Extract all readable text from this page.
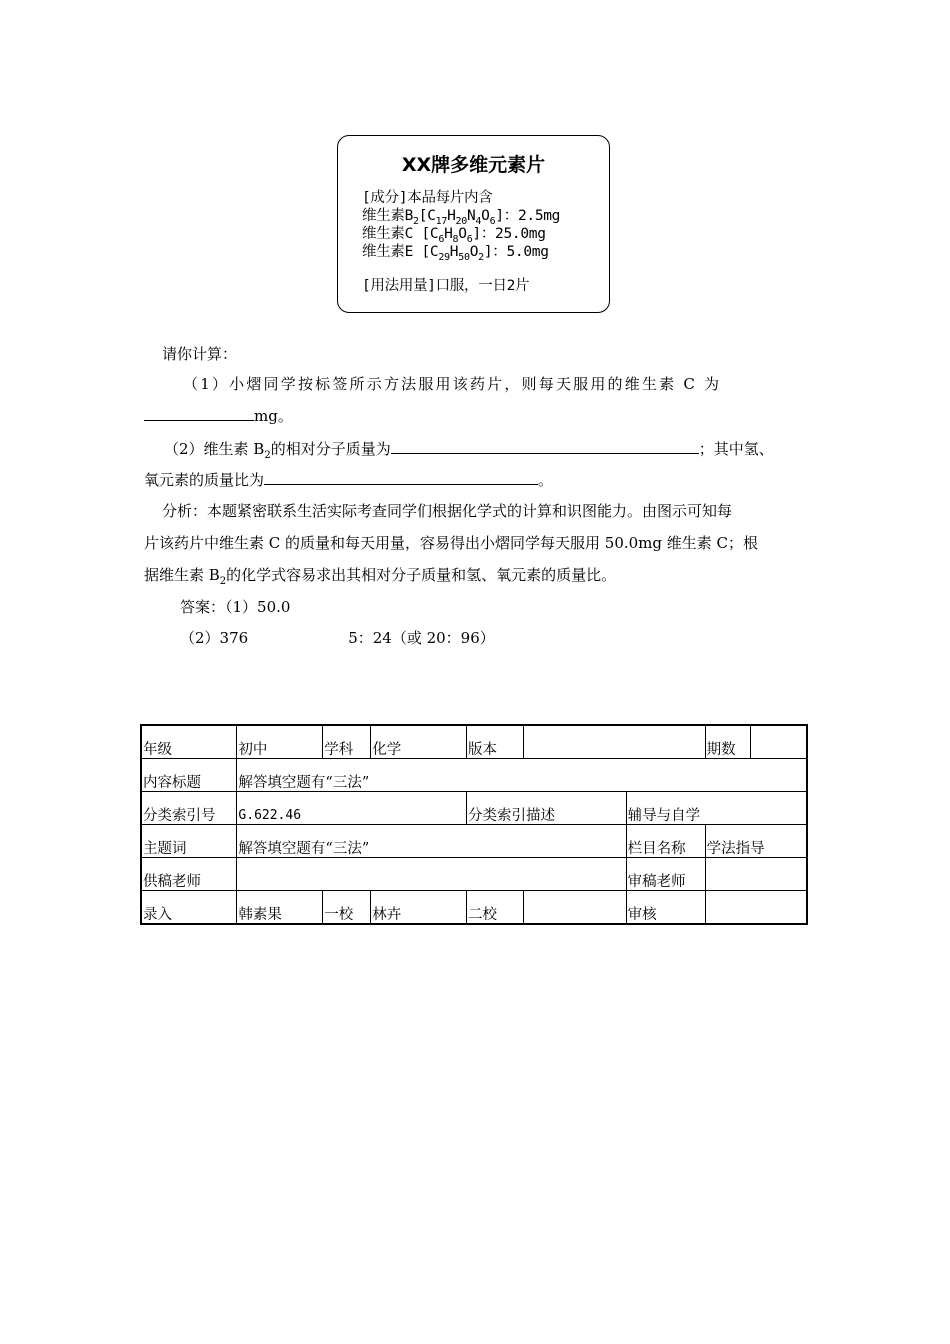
XX牌多维元素片
[成分]本品每片内含
维生素$B_2[C_{17}H_{20}N_4O_6]$：2.5mg
维生素C $[C_6H_8O_6]$：25.0mg
维生素E $[C_{29}H_{50}O_2]$：5.0mg
[用法用量]口服，一日2片
请你计算：
（1）小熠同学按标签所示方法服用该药片，则每天服用的维生素 C 为
mg。
（2）维生素 $B_2$的相对分子质量为	；其中氢、
氧元素的质量比为	。
分析：本题紧密联系生活实际考查同学们根据化学式的计算和识图能力。由图示可知每
片该药片中维生素 C 的质量和每天用量，容易得出小熠同学每天服用 50.0mg 维生素 C；根
据维生素 $B_2$的化学式容易求出其相对分子质量和氢、氧元素的质量比。
答案：（1）50.0
（2）376	5：24（或 20：96）
年级	初中	学科	化学	版本			期数	
内容标题	解答填空题有“三法”							
分类索引号	G.622.46			分类索引描述		辅导与自学		
主题词	解答填空题有“三法”					栏目名称	学法指导	
供稿老师						审稿老师		
录入	韩素果	一校	林卉	二校		审核		
